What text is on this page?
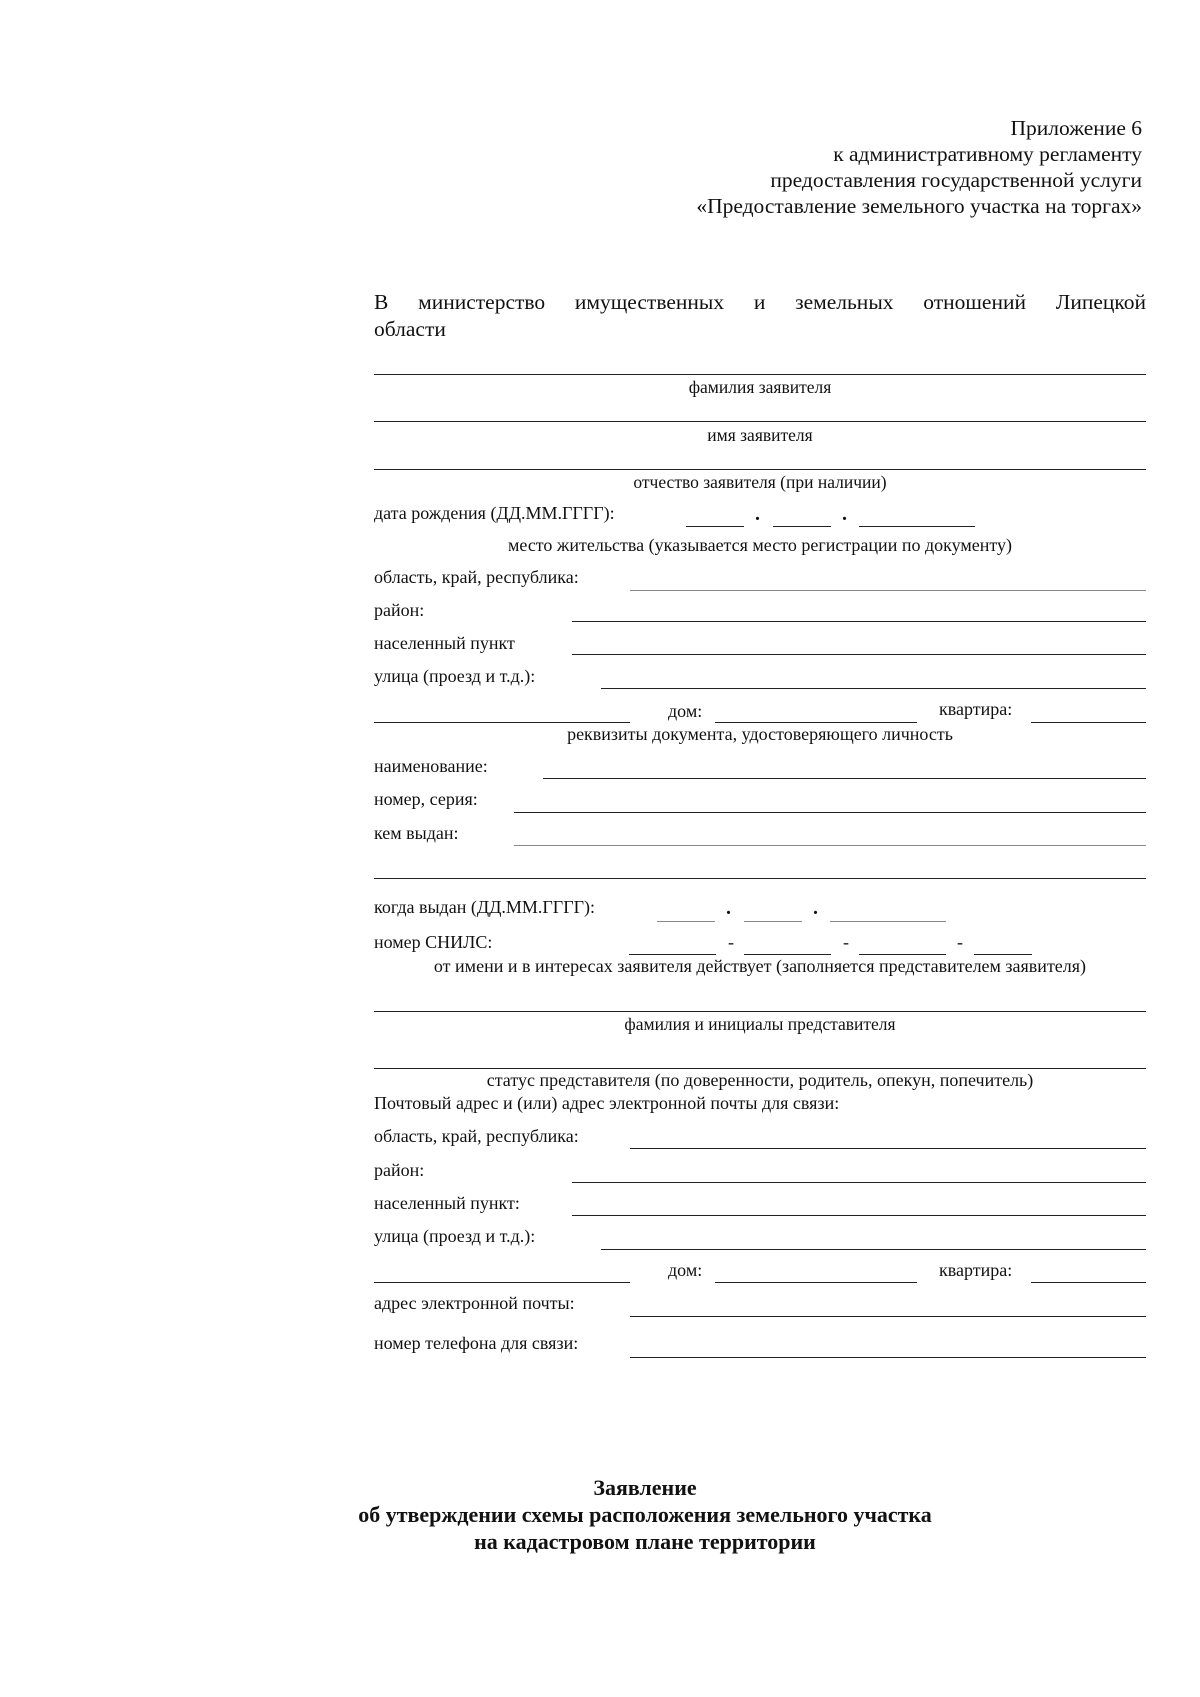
Приложение 6
к административному регламенту
предоставления государственной услуги
«Предоставление земельного участка на торгах»
В министерство имущественных и земельных отношений Липецкой
области
фамилия заявителя
имя заявителя
отчество заявителя (при наличии)
дата рождения (ДД.ММ.ГГГГ):	.	.
место жительства (указывается место регистрации по документу)
область, край, республика:
район:
населенный пункт
улица (проезд и т.д.):
дом:	квартира:
реквизиты документа, удостоверяющего личность
наименование:
номер, серия:
кем выдан:
когда выдан (ДД.ММ.ГГГГ):	.	.
номер СНИЛС:	-	-	-
от имени и в интересах заявителя действует (заполняется представителем заявителя)
фамилия и инициалы представителя
статус представителя (по доверенности, родитель, опекун, попечитель)
Почтовый адрес и (или) адрес электронной почты для связи:
область, край, республика:
район:
населенный пункт:
улица (проезд и т.д.):
дом:	квартира:
адрес электронной почты:
номер телефона для связи:
Заявление
об утверждении схемы расположения земельного участка
на кадастровом плане территории
